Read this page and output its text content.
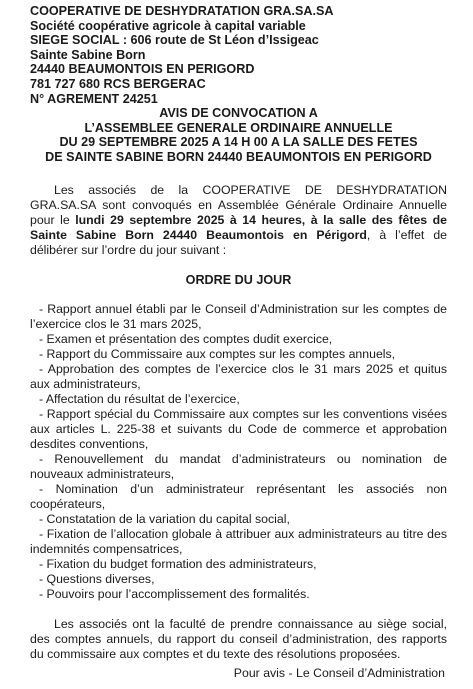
COOPERATIVE DE DESHYDRATATION GRA.SA.SA
Société coopérative agricole à capital variable
SIEGE SOCIAL : 606 route de St Léon d’Issigeac
Sainte Sabine Born
24440 BEAUMONTOIS EN PERIGORD
781 727 680 RCS BERGERAC
N° AGREMENT 24251
AVIS DE CONVOCATION A
L’ASSEMBLEE GENERALE ORDINAIRE ANNUELLE
DU 29 SEPTEMBRE 2025 A 14 H 00 A LA SALLE DES FETES
DE SAINTE SABINE BORN 24440 BEAUMONTOIS EN PERIGORD

Les associés de la COOPERATIVE DE DESHYDRATATION GRA.SA.SA sont convoqués en Assemblée Générale Ordinaire Annuelle pour le lundi 29 septembre 2025 à 14 heures, à la salle des fêtes de Sainte Sabine Born 24440 Beaumontois en Périgord, à l’effet de délibérer sur l’ordre du jour suivant :

ORDRE DU JOUR
- Rapport annuel établi par le Conseil d’Administration sur les comptes de l’exercice clos le 31 mars 2025,
- Examen et présentation des comptes dudit exercice,
- Rapport du Commissaire aux comptes sur les comptes annuels,
- Approbation des comptes de l’exercice clos le 31 mars 2025 et quitus aux administrateurs,
- Affectation du résultat de l’exercice,
- Rapport spécial du Commissaire aux comptes sur les conventions visées aux articles L. 225-38 et suivants du Code de commerce et approbation desdites conventions,
- Renouvellement du mandat d’administrateurs ou nomination de nouveaux administrateurs,
- Nomination d’un administrateur représentant les associés non coopérateurs,
- Constatation de la variation du capital social,
- Fixation de l’allocation globale à attribuer aux administrateurs au titre des indemnités compensatrices,
- Fixation du budget formation des administrateurs,
- Questions diverses,
- Pouvoirs pour l’accomplissement des formalités.

Les associés ont la faculté de prendre connaissance au siège social, des comptes annuels, du rapport du conseil d’administration, des rapports du commissaire aux comptes et du texte des résolutions proposées.

Pour avis - Le Conseil d’Administration
